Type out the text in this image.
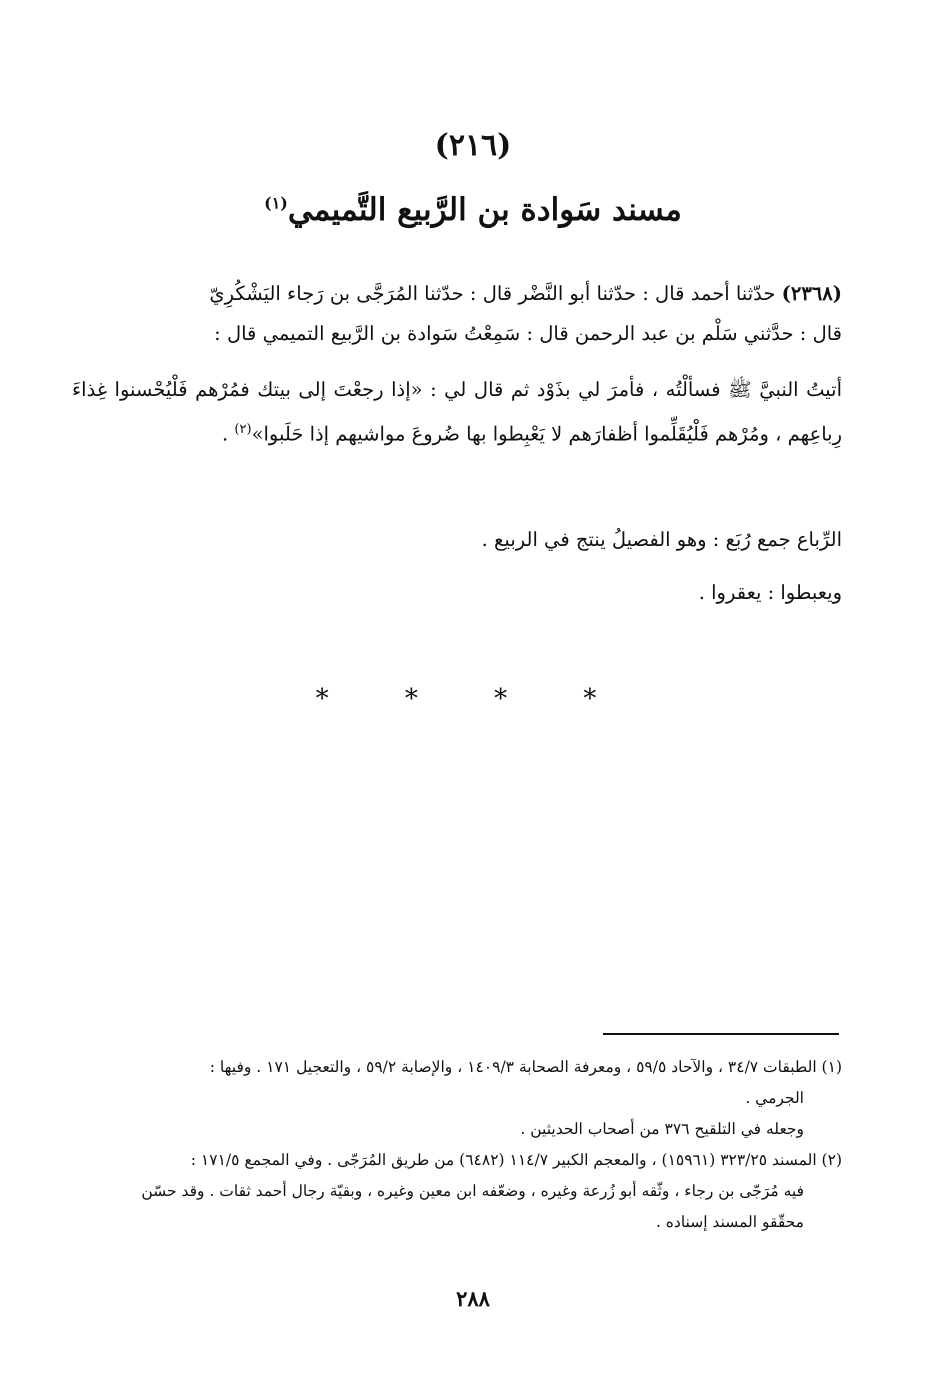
(٢١٦)
مسند سَوادة بن الرَّبيع التَّميمي$^{(١)}$
(٢٣٦٨) حدّثنا أحمد قال : حدّثنا أبو النَّضْر قال : حدّثنا المُرَجَّى بن رَجاء اليَشْكُرِيّ
قال : حدَّثني سَلْم بن عبد الرحمن قال : سَمِعْتُ سَوادة بن الرَّبيع التميمي قال :
أتيتُ النبيَّ ﷺ فسألْتُه ، فأمرَ لي بذَوْد ثم قال لي : «إذا رجعْتَ إلى بيتك فمُرْهم فَلْيُحْسنوا غِذاءَ رِباعِهم ، ومُرْهم فَلْيُقَلِّموا أظفارَهم لا يَعْبِطوا بها ضُروعَ مواشيهم إذا حَلَبوا»$^{(٢)}$ .
الرِّباع جمع رُبَع : وهو الفصيلُ ينتج في الربيع .
ويعبطوا : يعقروا .
* * * *

(١) الطبقات ٣٤/٧ ، والآحاد ٥٩/٥ ، ومعرفة الصحابة ١٤٠٩/٣ ، والإصابة ٥٩/٢ ، والتعجيل ١٧١ . وفيها :

الجرمي .

وجعله في التلقيح ٣٧٦ من أصحاب الحديثين .

(٢) المسند ٣٢٣/٢٥ (١٥٩٦١) ، والمعجم الكبير ١١٤/٧ (٦٤٨٢) من طريق المُرَجّى . وفي المجمع ١٧١/٥ :

فيه مُرَجّى بن رجاء ، وثّقه أبو زُرعة وغيره ، وضعّفه ابن معين وغيره ، وبقيّة رجال أحمد ثقات . وقد حسّن

محقّقو المسند إسناده .

٢٨٨
